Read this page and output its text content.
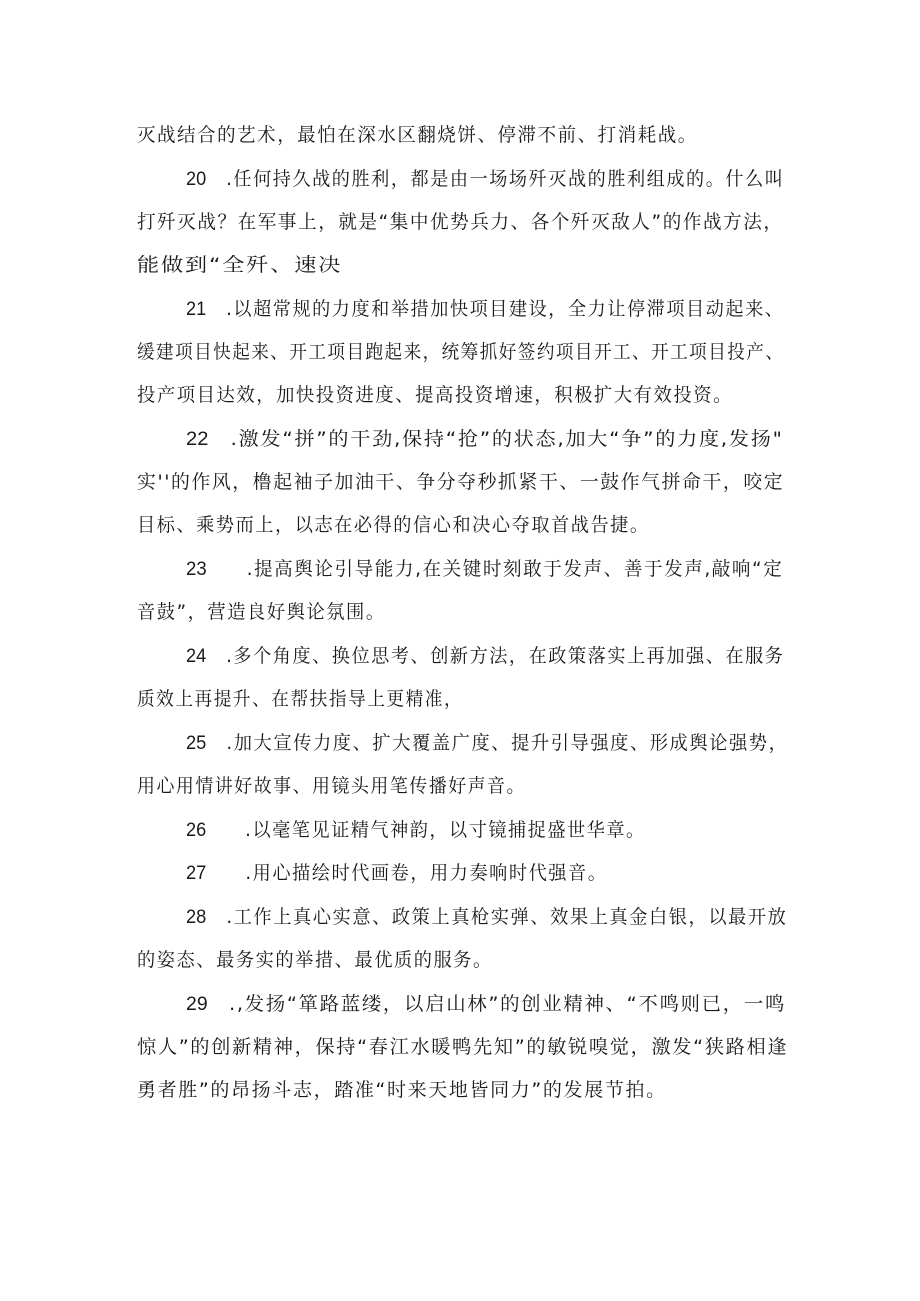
灭战结合的艺术，最怕在深水区翻烧饼、停滞不前、打消耗战。
20 .任何持久战的胜利，都是由一场场歼灭战的胜利组成的。什么叫
打歼灭战？在军事上，就是“集中优势兵力、各个歼灭敌人”的作战方法，
能做到“全歼、速决
21 .以超常规的力度和举措加快项目建设，全力让停滞项目动起来、
缓建项目快起来、开工项目跑起来，统筹抓好签约项目开工、开工项目投产、
投产项目达效，加快投资进度、提高投资增速，积极扩大有效投资。
22 .激发“拼”的干劲,保持“抢”的状态,加大“争”的力度,发扬"
实''的作风，橹起袖子加油干、争分夺秒抓紧干、一鼓作气拼命干，咬定
目标、乘势而上，以志在必得的信心和决心夺取首战告捷。
23 .提高舆论引导能力,在关键时刻敢于发声、善于发声,敲响“定
音鼓”，营造良好舆论氛围。
24 .多个角度、换位思考、创新方法，在政策落实上再加强、在服务
质效上再提升、在帮扶指导上更精准，
25 .加大宣传力度、扩大覆盖广度、提升引导强度、形成舆论强势，
用心用情讲好故事、用镜头用笔传播好声音。
26 .以毫笔见证精气神韵，以寸镜捕捉盛世华章。
27 .用心描绘时代画卷，用力奏响时代强音。
28 .工作上真心实意、政策上真枪实弹、效果上真金白银，以最开放
的姿态、最务实的举措、最优质的服务。
29 .,发扬“箪路蓝缕，以启山林”的创业精神、“不鸣则已，一鸣
惊人”的创新精神，保持“春江水暖鸭先知”的敏锐嗅觉，激发“狭路相逢
勇者胜”的昂扬斗志，踏准“时来天地皆同力”的发展节拍。
